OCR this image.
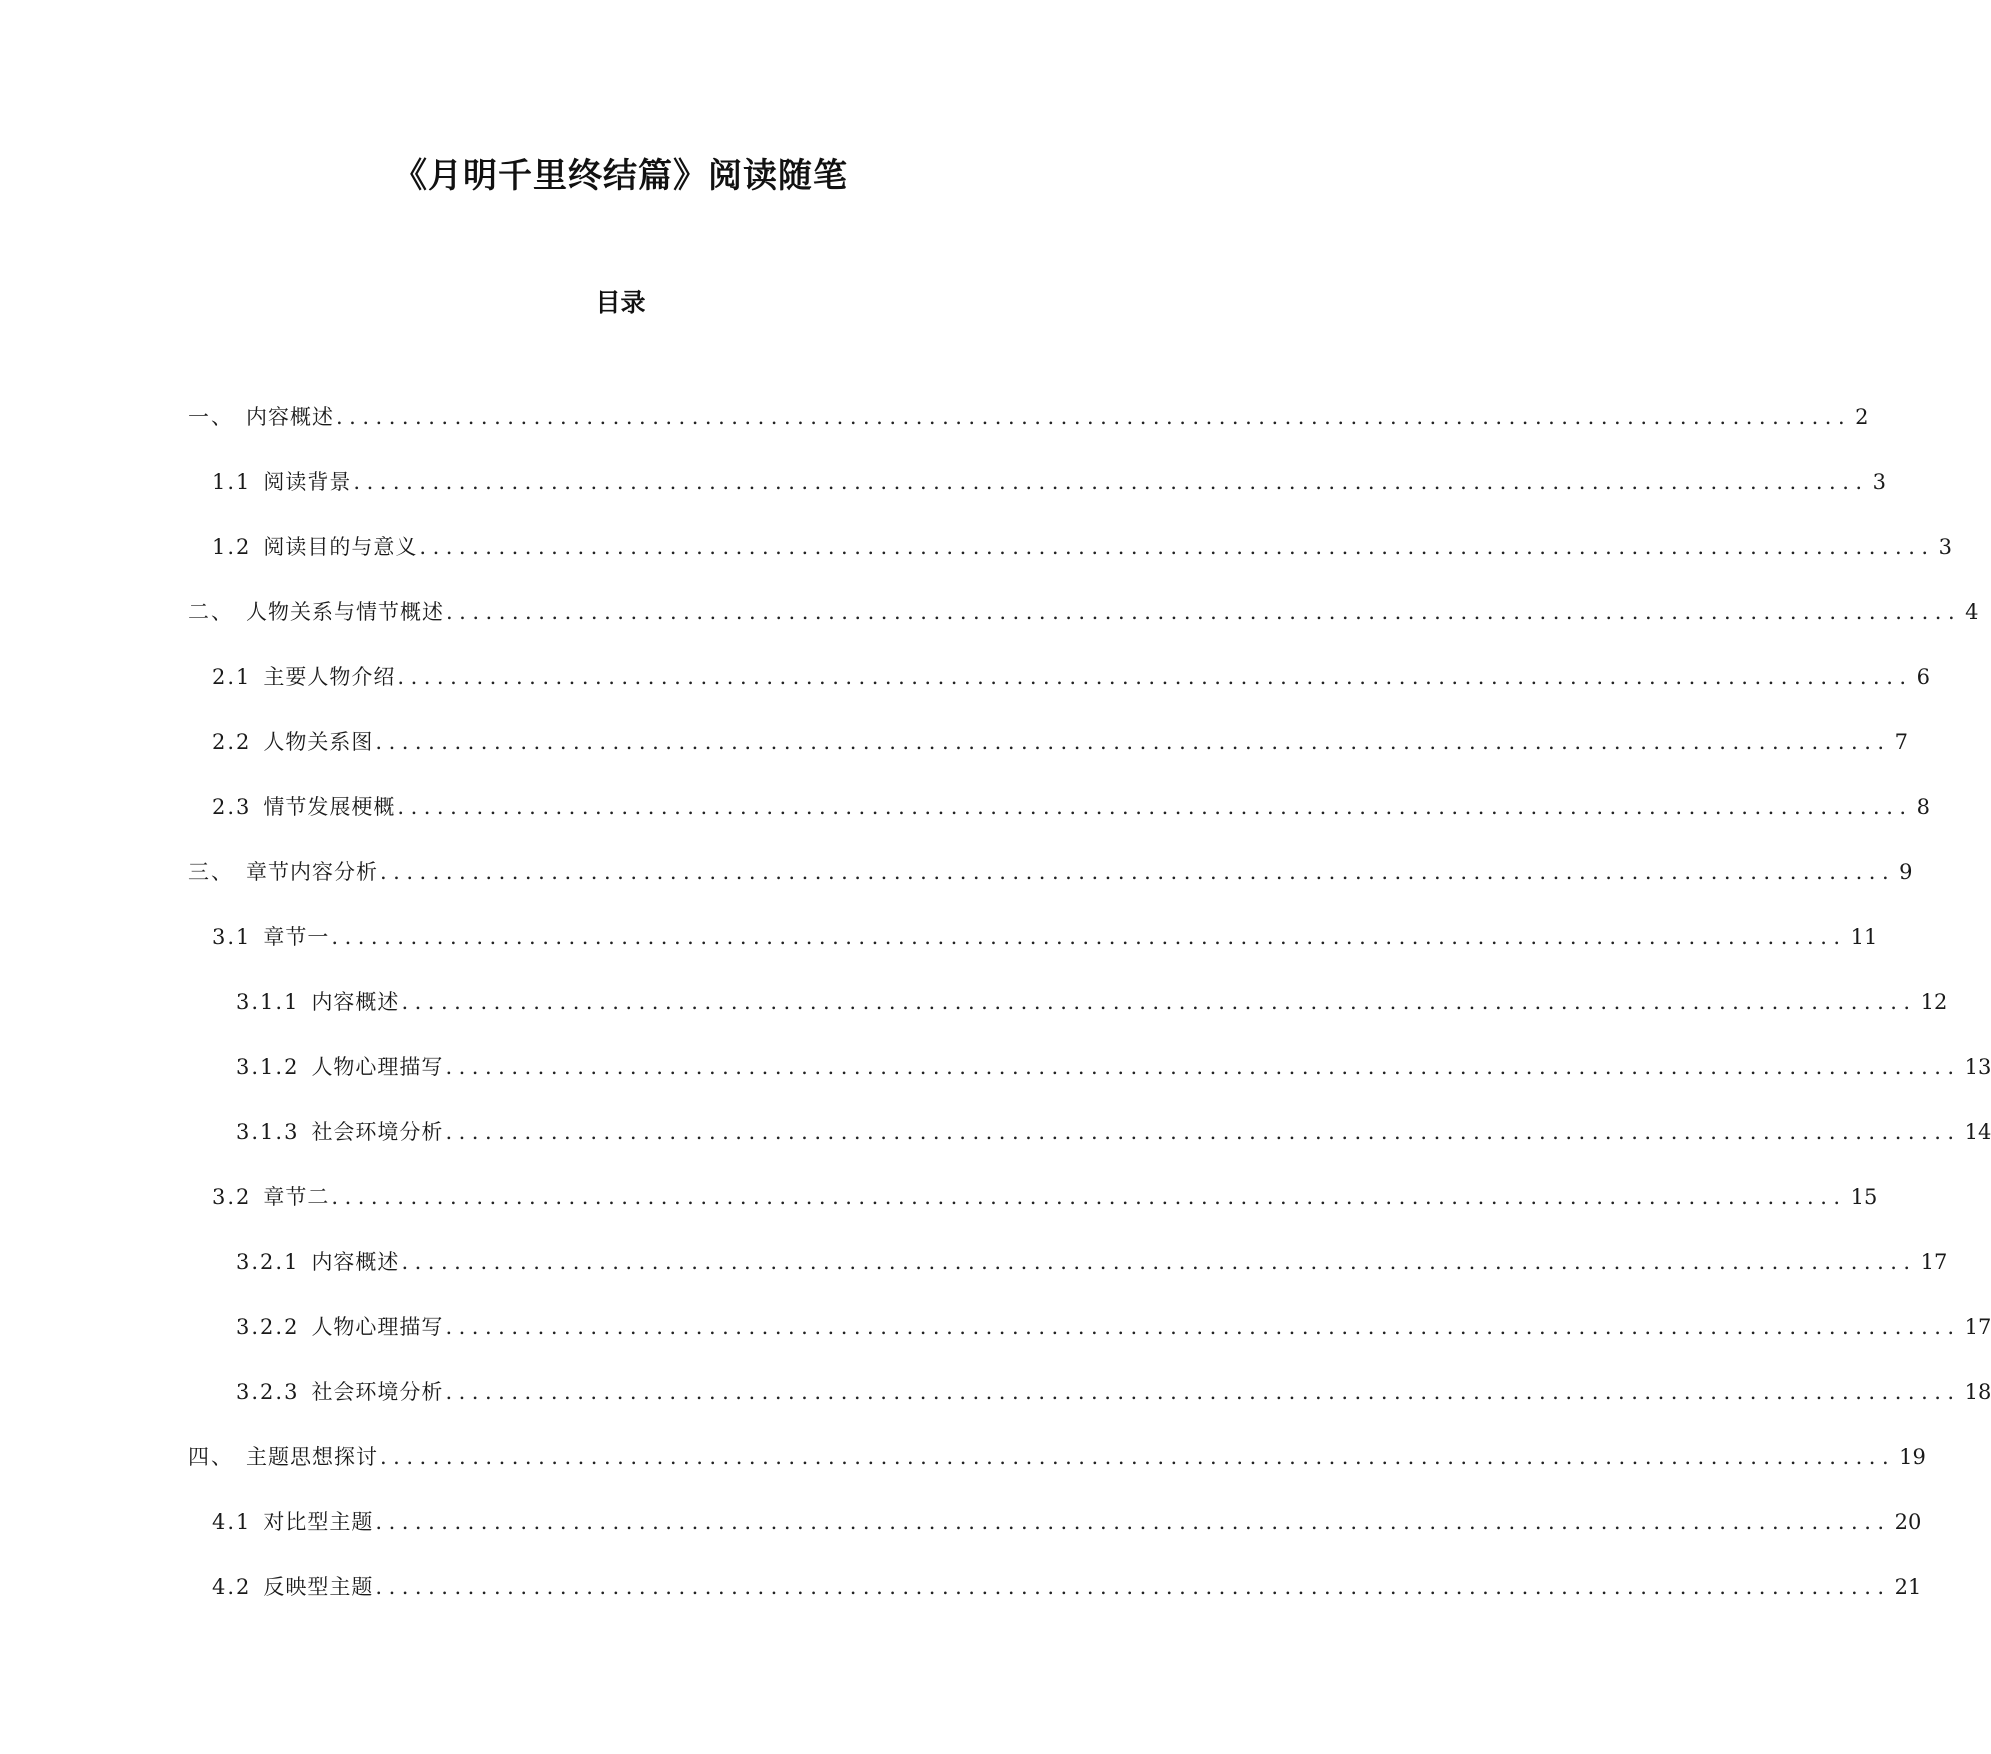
《月明千里终结篇》阅读随笔
目录
一、 内容概述 ................................................................................................................... 2
1.1 阅读背景 ................................................................................................................... 3
1.2 阅读目的与意义 ................................................................................................................... 3
二、 人物关系与情节概述 ................................................................................................................... 4
2.1 主要人物介绍 ................................................................................................................... 6
2.2 人物关系图 ................................................................................................................... 7
2.3 情节发展梗概 ................................................................................................................... 8
三、 章节内容分析 ................................................................................................................... 9
3.1 章节一 ................................................................................................................... 11
3.1.1 内容概述 ................................................................................................................... 12
3.1.2 人物心理描写 ................................................................................................................... 13
3.1.3 社会环境分析 ................................................................................................................... 14
3.2 章节二 ................................................................................................................... 15
3.2.1 内容概述 ................................................................................................................... 17
3.2.2 人物心理描写 ................................................................................................................... 17
3.2.3 社会环境分析 ................................................................................................................... 18
四、 主题思想探讨 ................................................................................................................... 19
4.1 对比型主题 ................................................................................................................... 20
4.2 反映型主题 ................................................................................................................... 21
